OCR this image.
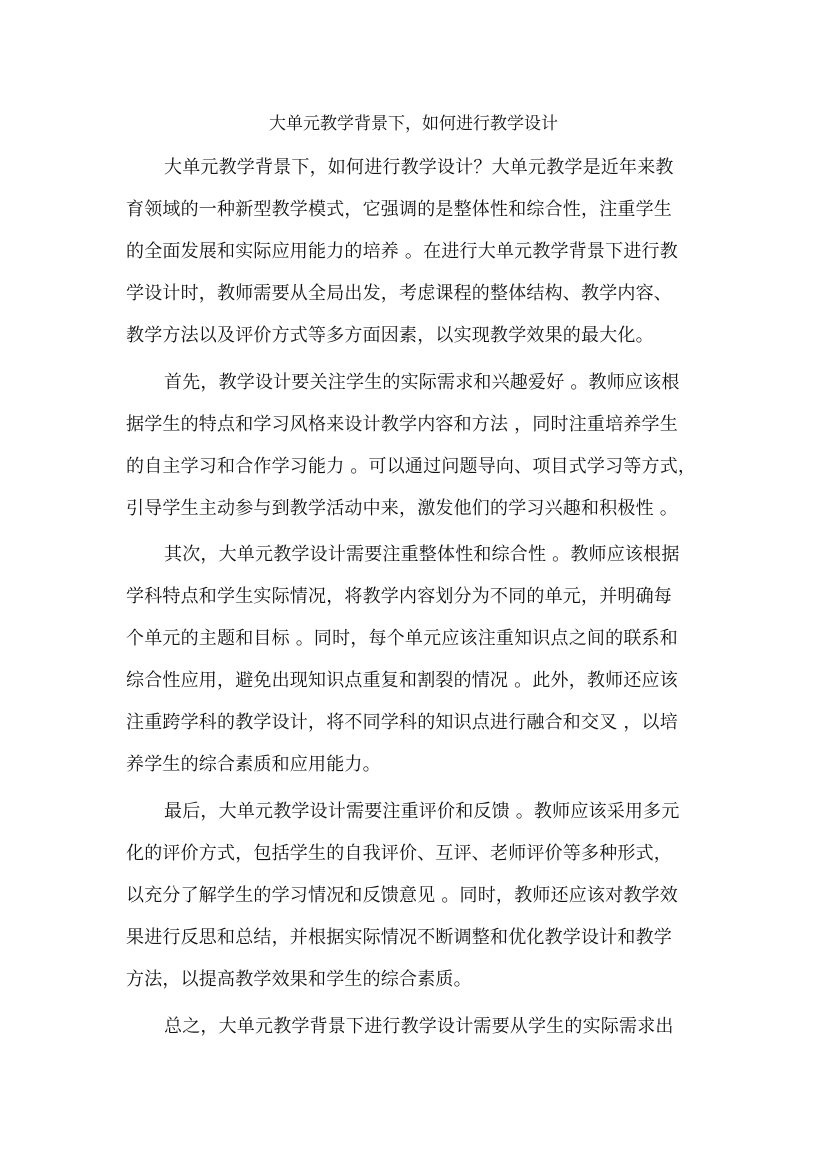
大单元教学背景下，如何进行教学设计
大单元教学背景下，如何进行教学设计？大单元教学是近年来教
育领域的一种新型教学模式，它强调的是整体性和综合性，注重学生
的全面发展和实际应用能力的培养 。在进行大单元教学背景下进行教
学设计时，教师需要从全局出发，考虑课程的整体结构、教学内容、
教学方法以及评价方式等多方面因素，以实现教学效果的最大化。
首先，教学设计要关注学生的实际需求和兴趣爱好 。教师应该根
据学生的特点和学习风格来设计教学内容和方法 ，同时注重培养学生
的自主学习和合作学习能力 。可以通过问题导向、项目式学习等方式，
引导学生主动参与到教学活动中来，激发他们的学习兴趣和积极性 。
其次，大单元教学设计需要注重整体性和综合性 。教师应该根据
学科特点和学生实际情况，将教学内容划分为不同的单元，并明确每
个单元的主题和目标 。同时，每个单元应该注重知识点之间的联系和
综合性应用，避免出现知识点重复和割裂的情况 。此外，教师还应该
注重跨学科的教学设计，将不同学科的知识点进行融合和交叉 ，以培
养学生的综合素质和应用能力。
最后，大单元教学设计需要注重评价和反馈 。教师应该采用多元
化的评价方式，包括学生的自我评价、互评、老师评价等多种形式，
以充分了解学生的学习情况和反馈意见 。同时，教师还应该对教学效
果进行反思和总结，并根据实际情况不断调整和优化教学设计和教学
方法，以提高教学效果和学生的综合素质。
总之，大单元教学背景下进行教学设计需要从学生的实际需求出
